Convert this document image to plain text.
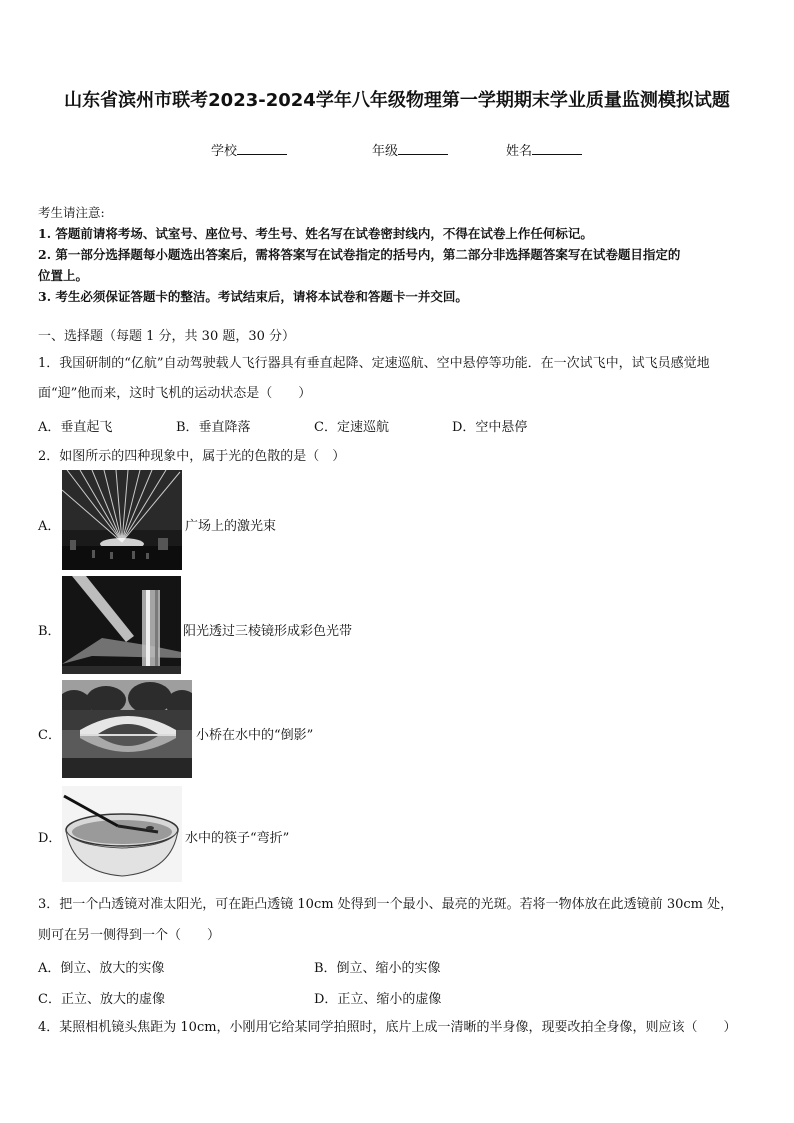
山东省滨州市联考2023-2024学年八年级物理第一学期期末学业质量监测模拟试题
学校	年级	姓名
考生请注意:
1. 答题前请将考场、试室号、座位号、考生号、姓名写在试卷密封线内，不得在试卷上作任何标记。
2. 第一部分选择题每小题选出答案后，需将答案写在试卷指定的括号内，第二部分非选择题答案写在试卷题目指定的
位置上。
3. 考生必须保证答题卡的整洁。考试结束后，请将本试卷和答题卡一并交回。
一、选择题（每题 1 分，共 30 题，30 分）
1．我国研制的“亿航”自动驾驶载人飞行器具有垂直起降、定速巡航、空中悬停等功能．在一次试飞中，试飞员感觉地
面“迎”他而来，这时飞机的运动状态是（　　）
A．垂直起飞	B．垂直降落	C．定速巡航	D．空中悬停
2．如图所示的四种现象中，属于光的色散的是（　）
A．	广场上的激光束
B．	阳光透过三棱镜形成彩色光带
C．	小桥在水中的“倒影”
D．	水中的筷子“弯折”
3．把一个凸透镜对准太阳光，可在距凸透镜 10cm 处得到一个最小、最亮的光斑。若将一物体放在此透镜前 30cm 处，
则可在另一侧得到一个（　　）
A．倒立、放大的实像	B．倒立、缩小的实像
C．正立、放大的虚像	D．正立、缩小的虚像
4．某照相机镜头焦距为 10cm，小刚用它给某同学拍照时，底片上成一清晰的半身像，现要改拍全身像，则应该（　　）
